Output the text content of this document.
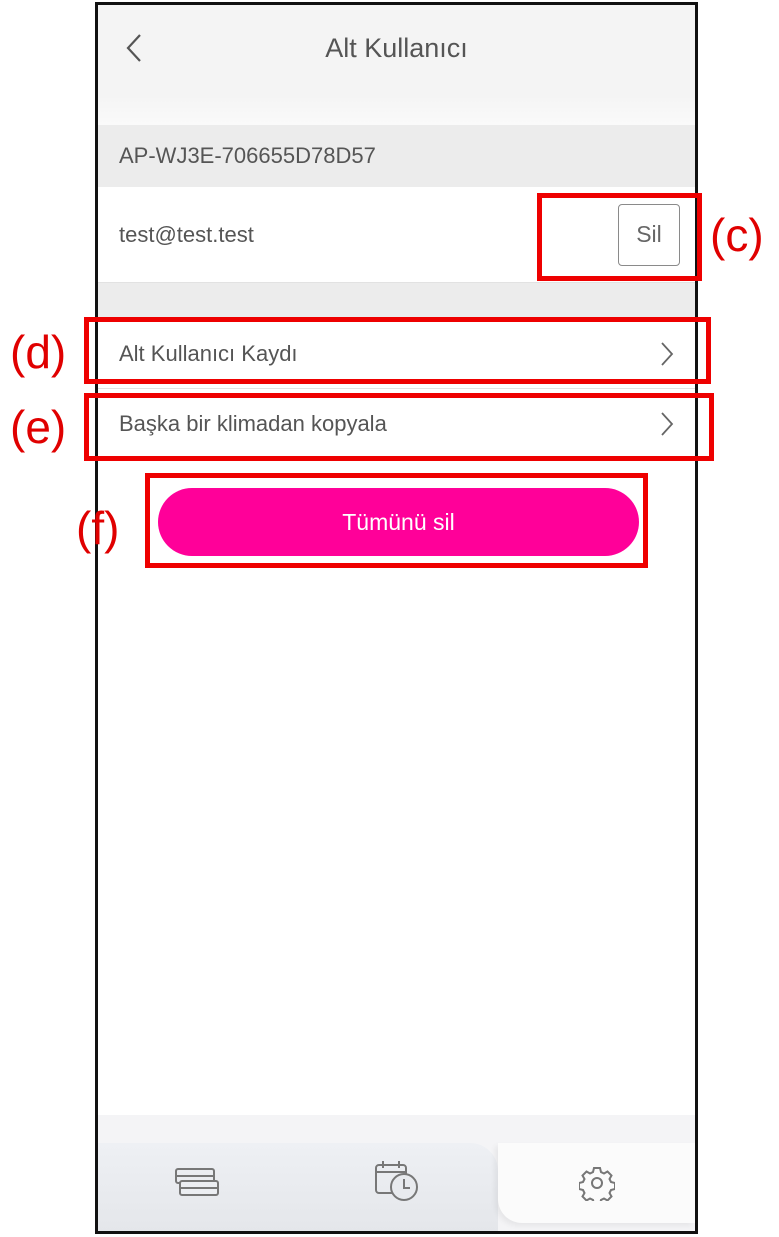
Alt Kullanıcı
AP-WJ3E-706655D78D57
test@test.test	Sil
Alt Kullanıcı Kaydı
Başka bir klimadan kopyala
Tümünü sil
(c)
(d)
(e)
(f)
